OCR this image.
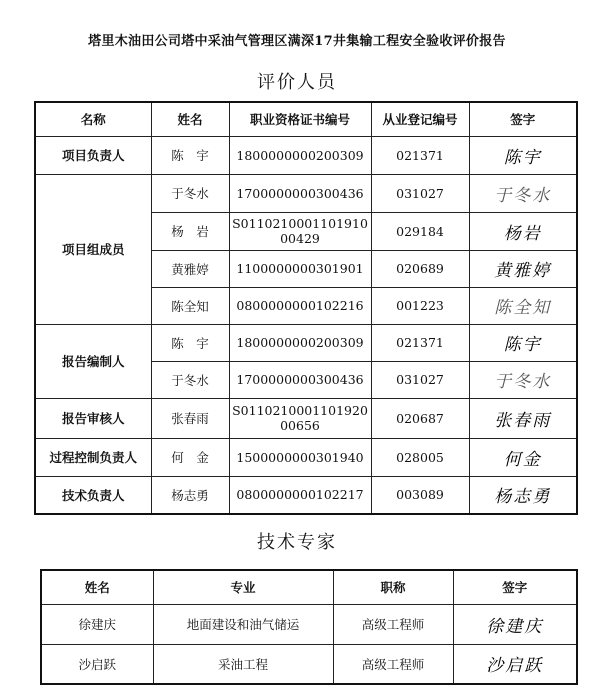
塔里木油田公司塔中采油气管理区满深17井集输工程安全验收评价报告
评价人员
名称	姓名	职业资格证书编号	从业登记编号	签字
项目负责人	陈　宇	1800000000200309	021371	陈宇
项目组成员	于冬水	1700000000300436	031027	于冬水
	杨　岩	S011021000110191000429	029184	杨岩
	黄雅婷	1100000000301901	020689	黄雅婷
	陈全知	0800000000102216	001223	陈全知
报告编制人	陈　宇	1800000000200309	021371	陈宇
	于冬水	1700000000300436	031027	于冬水
报告审核人	张春雨	S011021000110192000656	020687	张春雨
过程控制负责人	何　金	1500000000301940	028005	何金
技术负责人	杨志勇	0800000000102217	003089	杨志勇
技术专家
姓名	专业	职称	签字
徐建庆	地面建设和油气储运	高级工程师	徐建庆
沙启跃	采油工程	高级工程师	沙启跃
